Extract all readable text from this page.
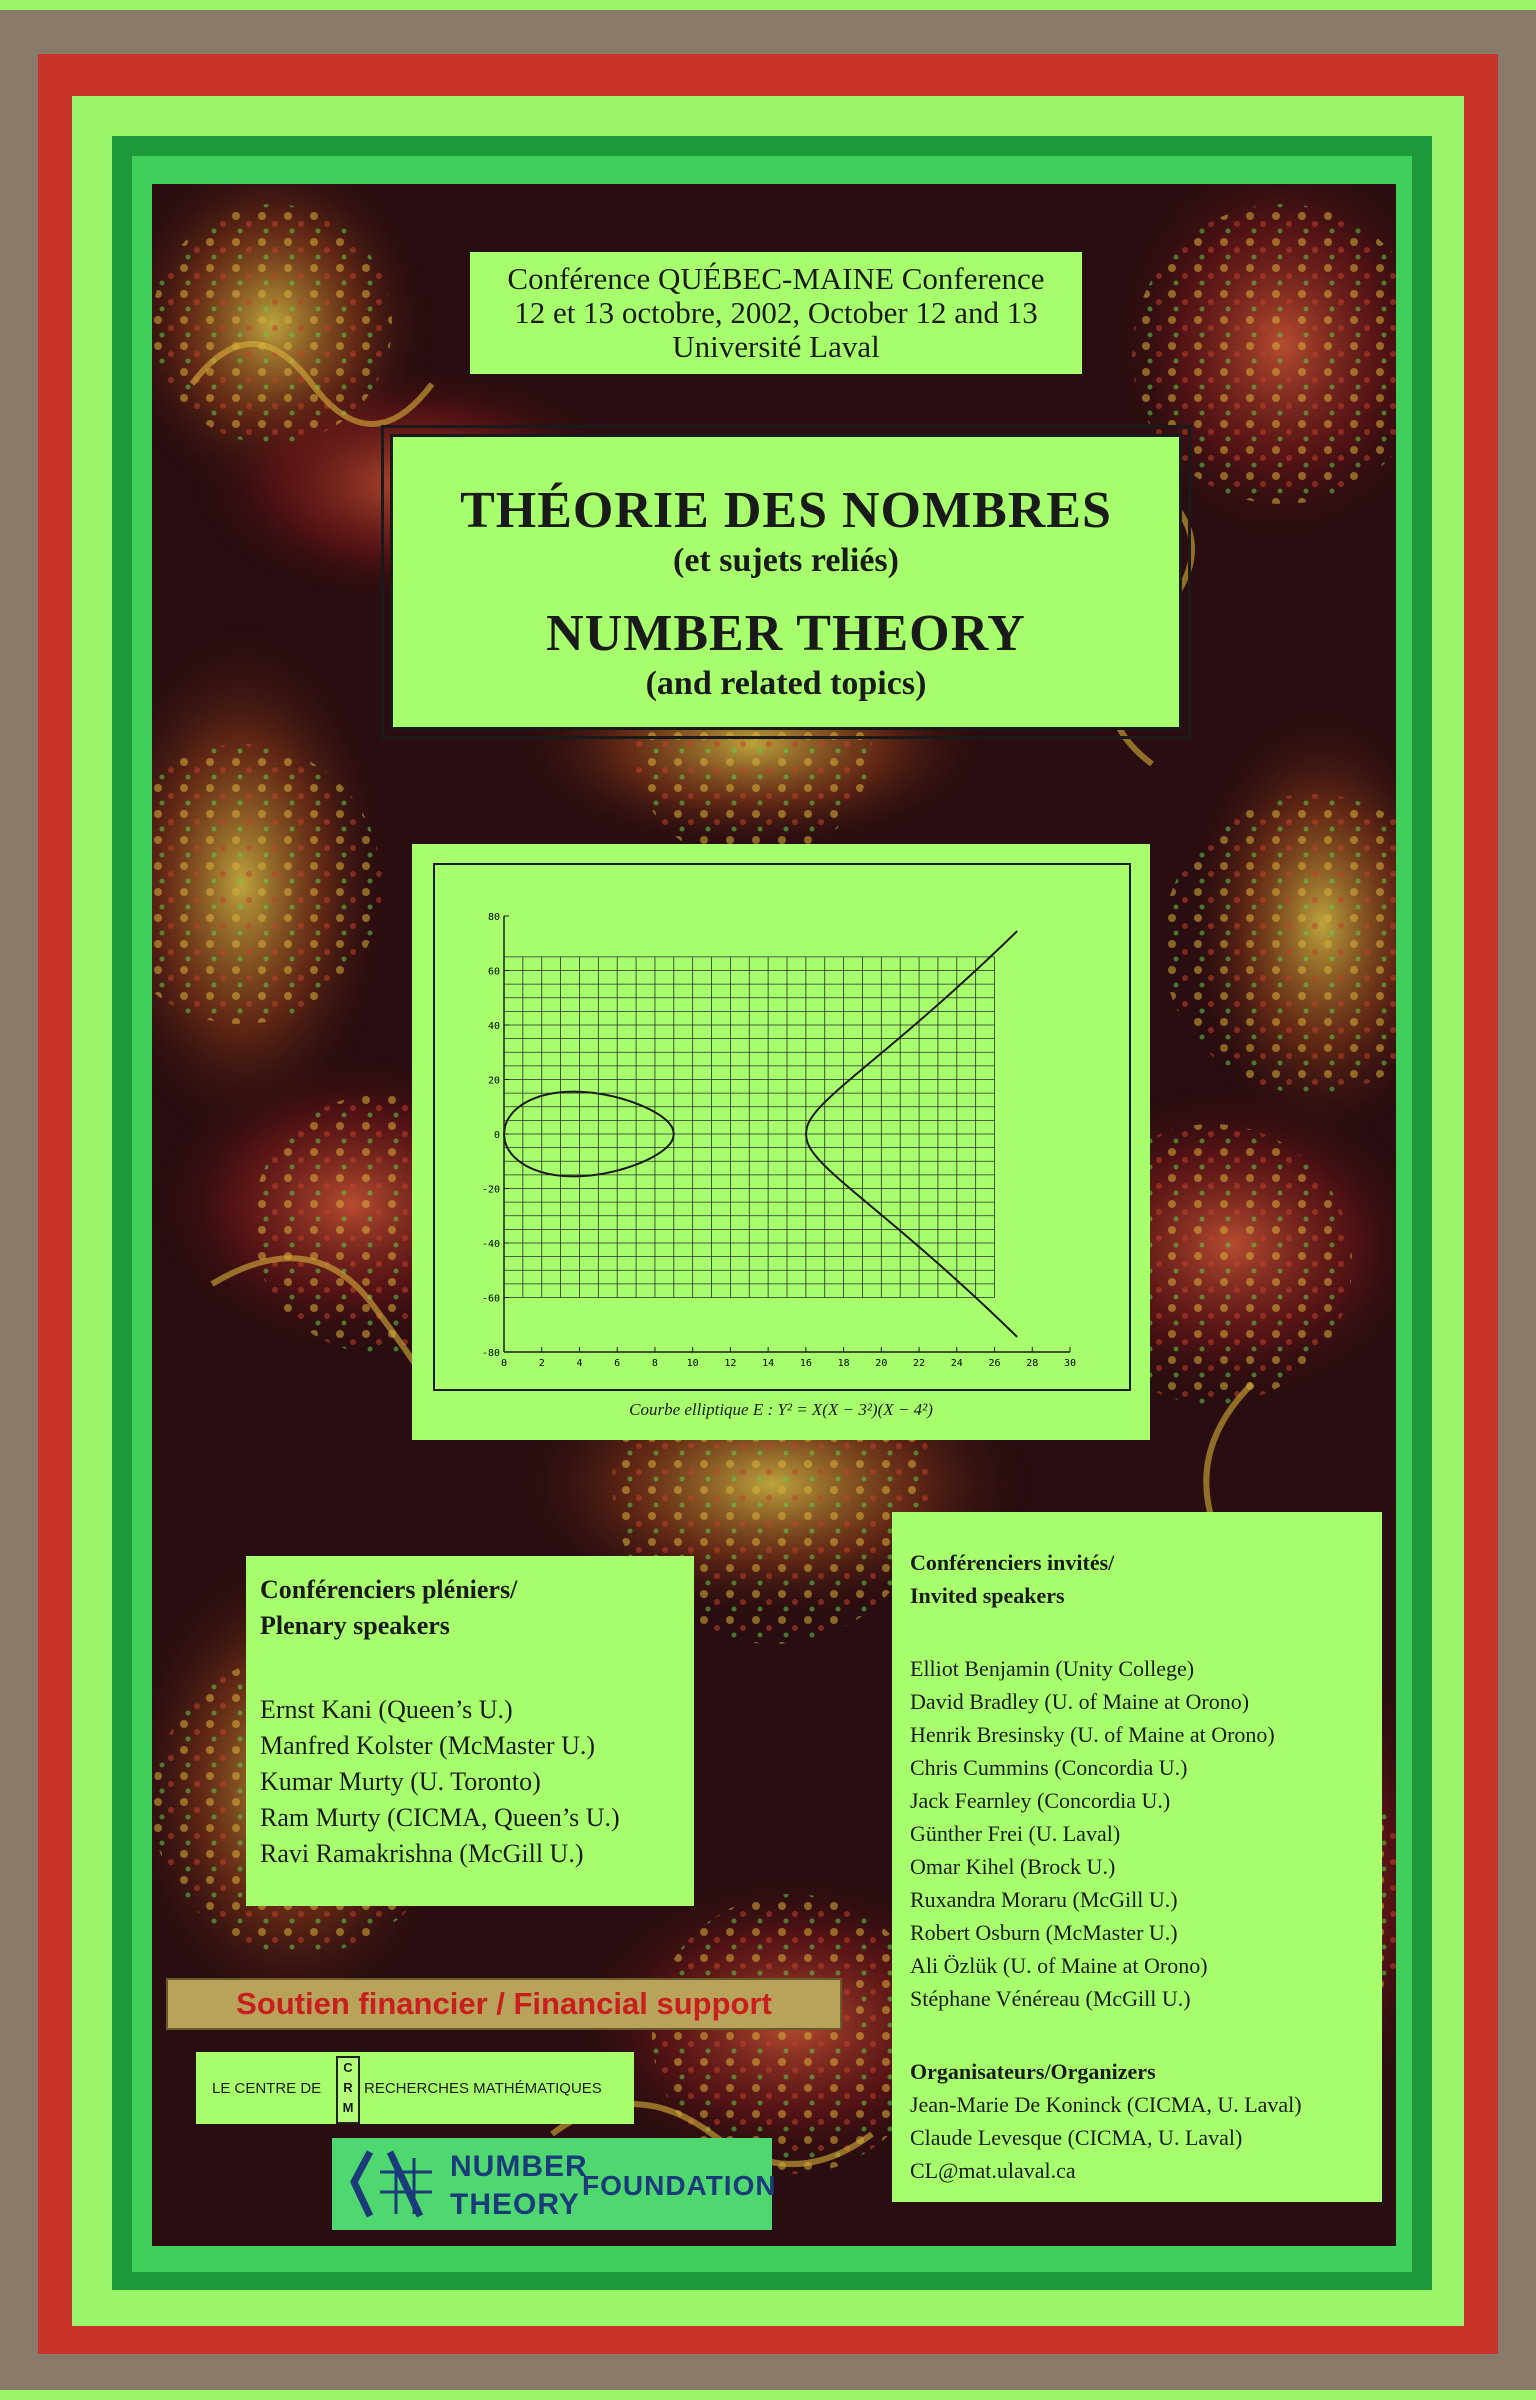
Conférence QUÉBEC-MAINE Conference
12 et 13 octobre, 2002, October 12 and 13
Université Laval
THÉORIE DES NOMBRES
(et sujets reliés)
NUMBER THEORY
(and related topics)
0	2	4	6	8	10	12	14	16	18	20	22	24	26	28	30
80
60
40
20
0
-20
-40
-60
-80
Courbe elliptique E : Y² = X(X − 3²)(X − 4²)
Conférenciers pléniers/
Plenary speakers
Ernst Kani (Queen’s U.)
Manfred Kolster (McMaster U.)
Kumar Murty (U. Toronto)
Ram Murty (CICMA, Queen’s U.)
Ravi Ramakrishna (McGill U.)
Conférenciers invités/
Invited speakers
Elliot Benjamin (Unity College)
David Bradley (U. of Maine at Orono)
Henrik Bresinsky (U. of Maine at Orono)
Chris Cummins (Concordia U.)
Jack Fearnley (Concordia U.)
Günther Frei (U. Laval)
Omar Kihel (Brock U.)
Ruxandra Moraru (McGill U.)
Robert Osburn (McMaster U.)
Ali Özlük (U. of Maine at Orono)
Stéphane Vénéreau (McGill U.)
Organisateurs/Organizers
Jean-Marie De Koninck (CICMA, U. Laval)
Claude Levesque (CICMA, U. Laval)
CL@mat.ulaval.ca
Soutien financier / Financial support
LE CENTRE DE
C
R
M
RECHERCHES MATHÉMATIQUES
NUMBER
THEORY
FOUNDATION
